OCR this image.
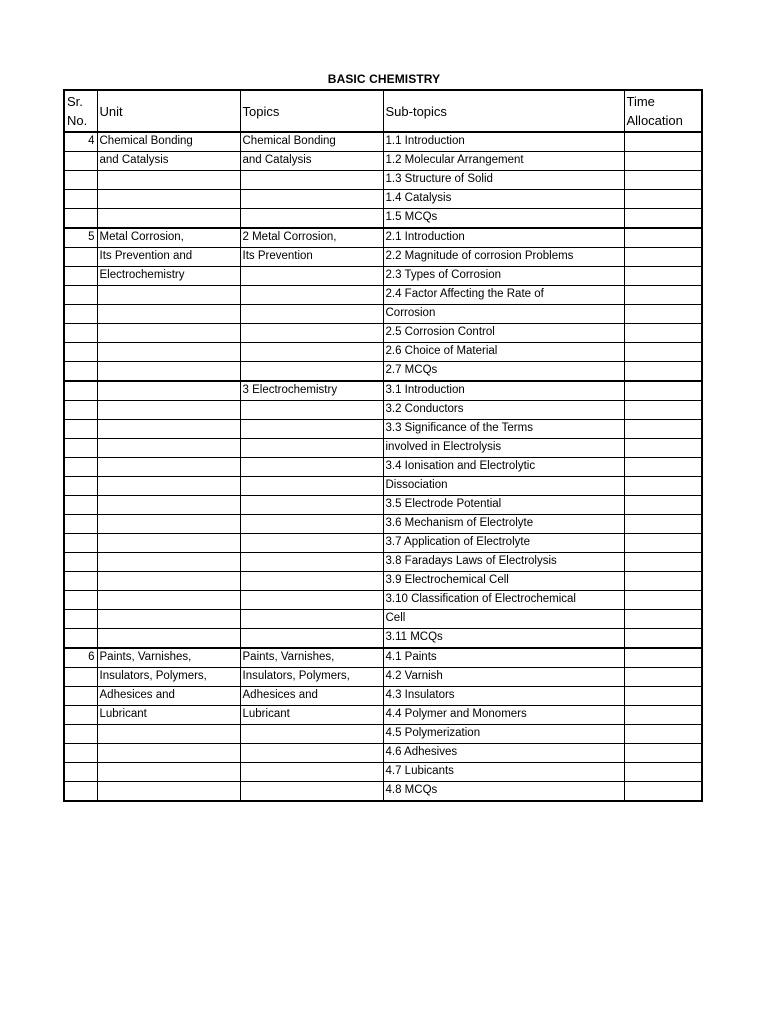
BASIC CHEMISTRY
Sr.
No.	Unit	Topics	Sub-topics	Time
Allocation
4	Chemical Bonding	Chemical Bonding	1.1 Introduction	
	and Catalysis	and Catalysis	1.2 Molecular Arrangement	
			1.3 Structure of Solid	
			1.4 Catalysis	
			1.5 MCQs	
5	Metal Corrosion,	2 Metal Corrosion,	2.1 Introduction	
	Its Prevention and	Its Prevention	2.2 Magnitude of corrosion Problems	
	Electrochemistry		2.3 Types of Corrosion	
			2.4 Factor Affecting the Rate of	
			Corrosion	
			2.5 Corrosion Control	
			2.6 Choice of Material	
			2.7 MCQs	
		3 Electrochemistry	3.1 Introduction	
			3.2 Conductors	
			3.3 Significance of the Terms	
			involved in Electrolysis	
			3.4 Ionisation and Electrolytic	
			Dissociation	
			3.5 Electrode Potential	
			3.6 Mechanism of Electrolyte	
			3.7 Application of Electrolyte	
			3.8 Faradays Laws of Electrolysis	
			3.9 Electrochemical Cell	
			3.10 Classification of Electrochemical	
			Cell	
			3.11 MCQs	
6	Paints, Varnishes,	Paints, Varnishes,	4.1 Paints	
	Insulators, Polymers,	Insulators, Polymers,	4.2 Varnish	
	Adhesices and	Adhesices and	4.3 Insulators	
	Lubricant	Lubricant	4.4 Polymer and Monomers	
			4.5 Polymerization	
			4.6 Adhesives	
			4.7 Lubicants	
			4.8 MCQs	
